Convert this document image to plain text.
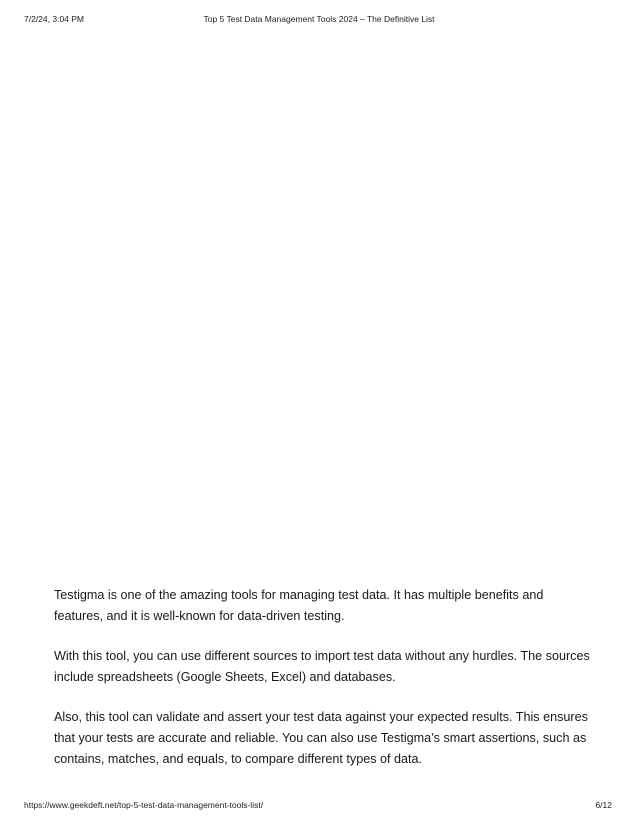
7/2/24, 3:04 PM	Top 5 Test Data Management Tools 2024 – The Definitive List

Testigma is one of the amazing tools for managing test data. It has multiple benefits and features, and it is well-known for data-driven testing.

With this tool, you can use different sources to import test data without any hurdles. The sources include spreadsheets (Google Sheets, Excel) and databases.

Also, this tool can validate and assert your test data against your expected results. This ensures that your tests are accurate and reliable. You can also use Testigma’s smart assertions, such as contains, matches, and equals, to compare different types of data.

https://www.geekdeft.net/top-5-test-data-management-tools-list/	6/12
